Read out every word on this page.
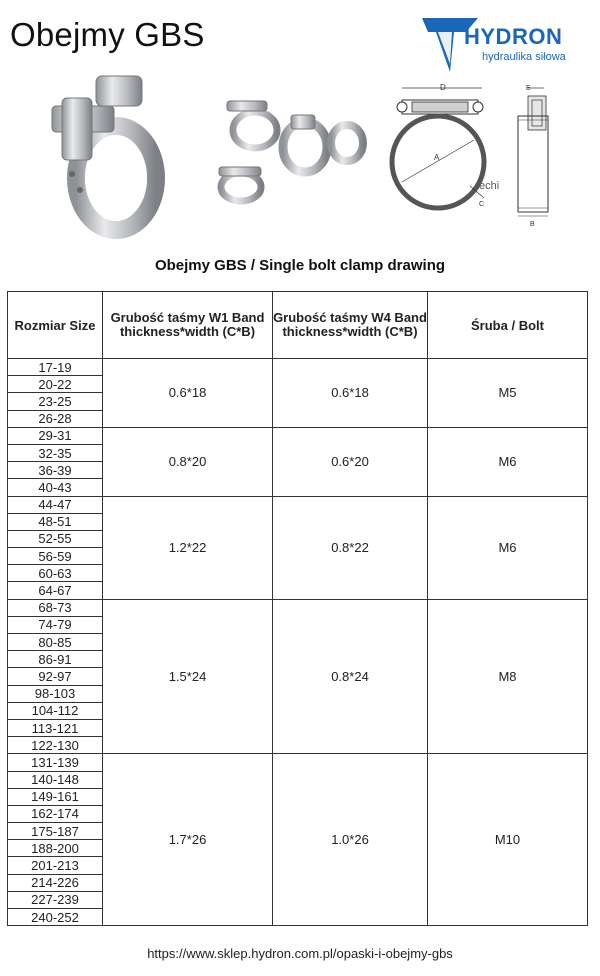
Obejmy GBS	HYDRON
hydraulika siłowa
D
A
C
techi
E
B
Obejmy GBS / Single bolt clamp drawing
Rozmiar Size	Grubość taśmy W1 Band thickness*width (C*B)	Grubość taśmy W4 Band thickness*width (C*B)	Śruba / Bolt
17-19	0.6*18	0.6*18	M5
20-22			
23-25			
26-28			
29-31	0.8*20	0.6*20	M6
32-35			
36-39			
40-43			
44-47	1.2*22	0.8*22	M6
48-51			
52-55			
56-59			
60-63			
64-67			
68-73	1.5*24	0.8*24	M8
74-79			
80-85			
86-91			
92-97			
98-103			
104-112			
113-121			
122-130			
131-139	1.7*26	1.0*26	M10
140-148			
149-161			
162-174			
175-187			
188-200			
201-213			
214-226			
227-239			
240-252			
https://www.sklep.hydron.com.pl/opaski-i-obejmy-gbs
